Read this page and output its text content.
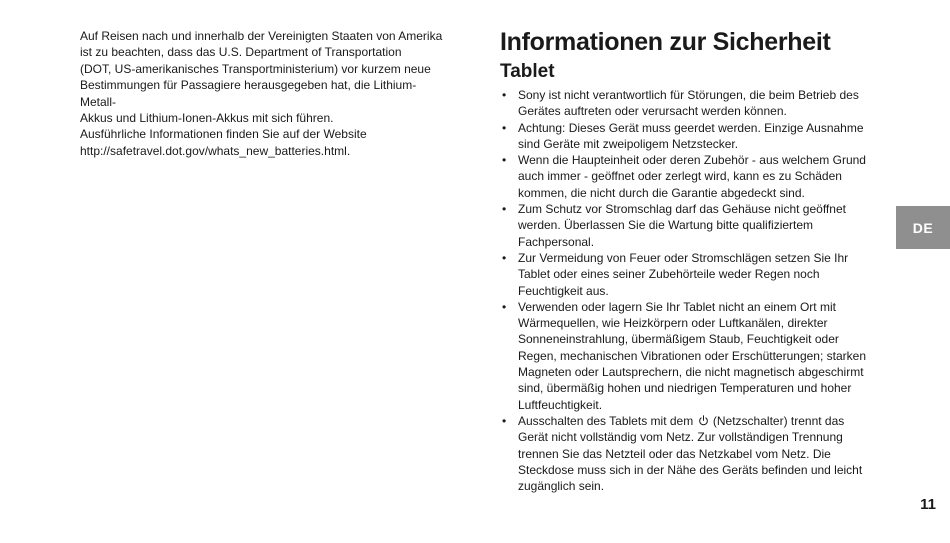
Auf Reisen nach und innerhalb der Vereinigten Staaten von Amerika

ist zu beachten, dass das U.S. Department of Transportation

(DOT, US-amerikanisches Transportministerium) vor kurzem neue

Bestimmungen für Passagiere herausgegeben hat, die Lithium-Metall-

Akkus und Lithium-Ionen-Akkus mit sich führen.

Ausführliche Informationen finden Sie auf der Website

http://safetravel.dot.gov/whats_new_batteries.html.

Informationen zur Sicherheit
Tablet
• Sony ist nicht verantwortlich für Störungen, die beim Betrieb des Gerätes auftreten oder verursacht werden können.
• Achtung: Dieses Gerät muss geerdet werden. Einzige Ausnahme sind Geräte mit zweipoligem Netzstecker.
• Wenn die Haupteinheit oder deren Zubehör - aus welchem Grund auch immer - geöffnet oder zerlegt wird, kann es zu Schäden kommen, die nicht durch die Garantie abgedeckt sind.
• Zum Schutz vor Stromschlag darf das Gehäuse nicht geöffnet werden. Überlassen Sie die Wartung bitte qualifiziertem Fachpersonal.
• Zur Vermeidung von Feuer oder Stromschlägen setzen Sie Ihr Tablet oder eines seiner Zubehörteile weder Regen noch Feuchtigkeit aus.
• Verwenden oder lagern Sie Ihr Tablet nicht an einem Ort mit Wärmequellen, wie Heizkörpern oder Luftkanälen, direkter Sonneneinstrahlung, übermäßigem Staub, Feuchtigkeit oder Regen, mechanischen Vibrationen oder Erschütterungen; starken Magneten oder Lautsprechern, die nicht magnetisch abgeschirmt sind, übermäßig hohen und niedrigen Temperaturen und hoher Luftfeuchtigkeit.
• Ausschalten des Tablets mit dem (Netzschalter) trennt das Gerät nicht vollständig vom Netz. Zur vollständigen Trennung trennen Sie das Netzteil oder das Netzkabel vom Netz. Die Steckdose muss sich in der Nähe des Geräts befinden und leicht zugänglich sein.
DE
11
